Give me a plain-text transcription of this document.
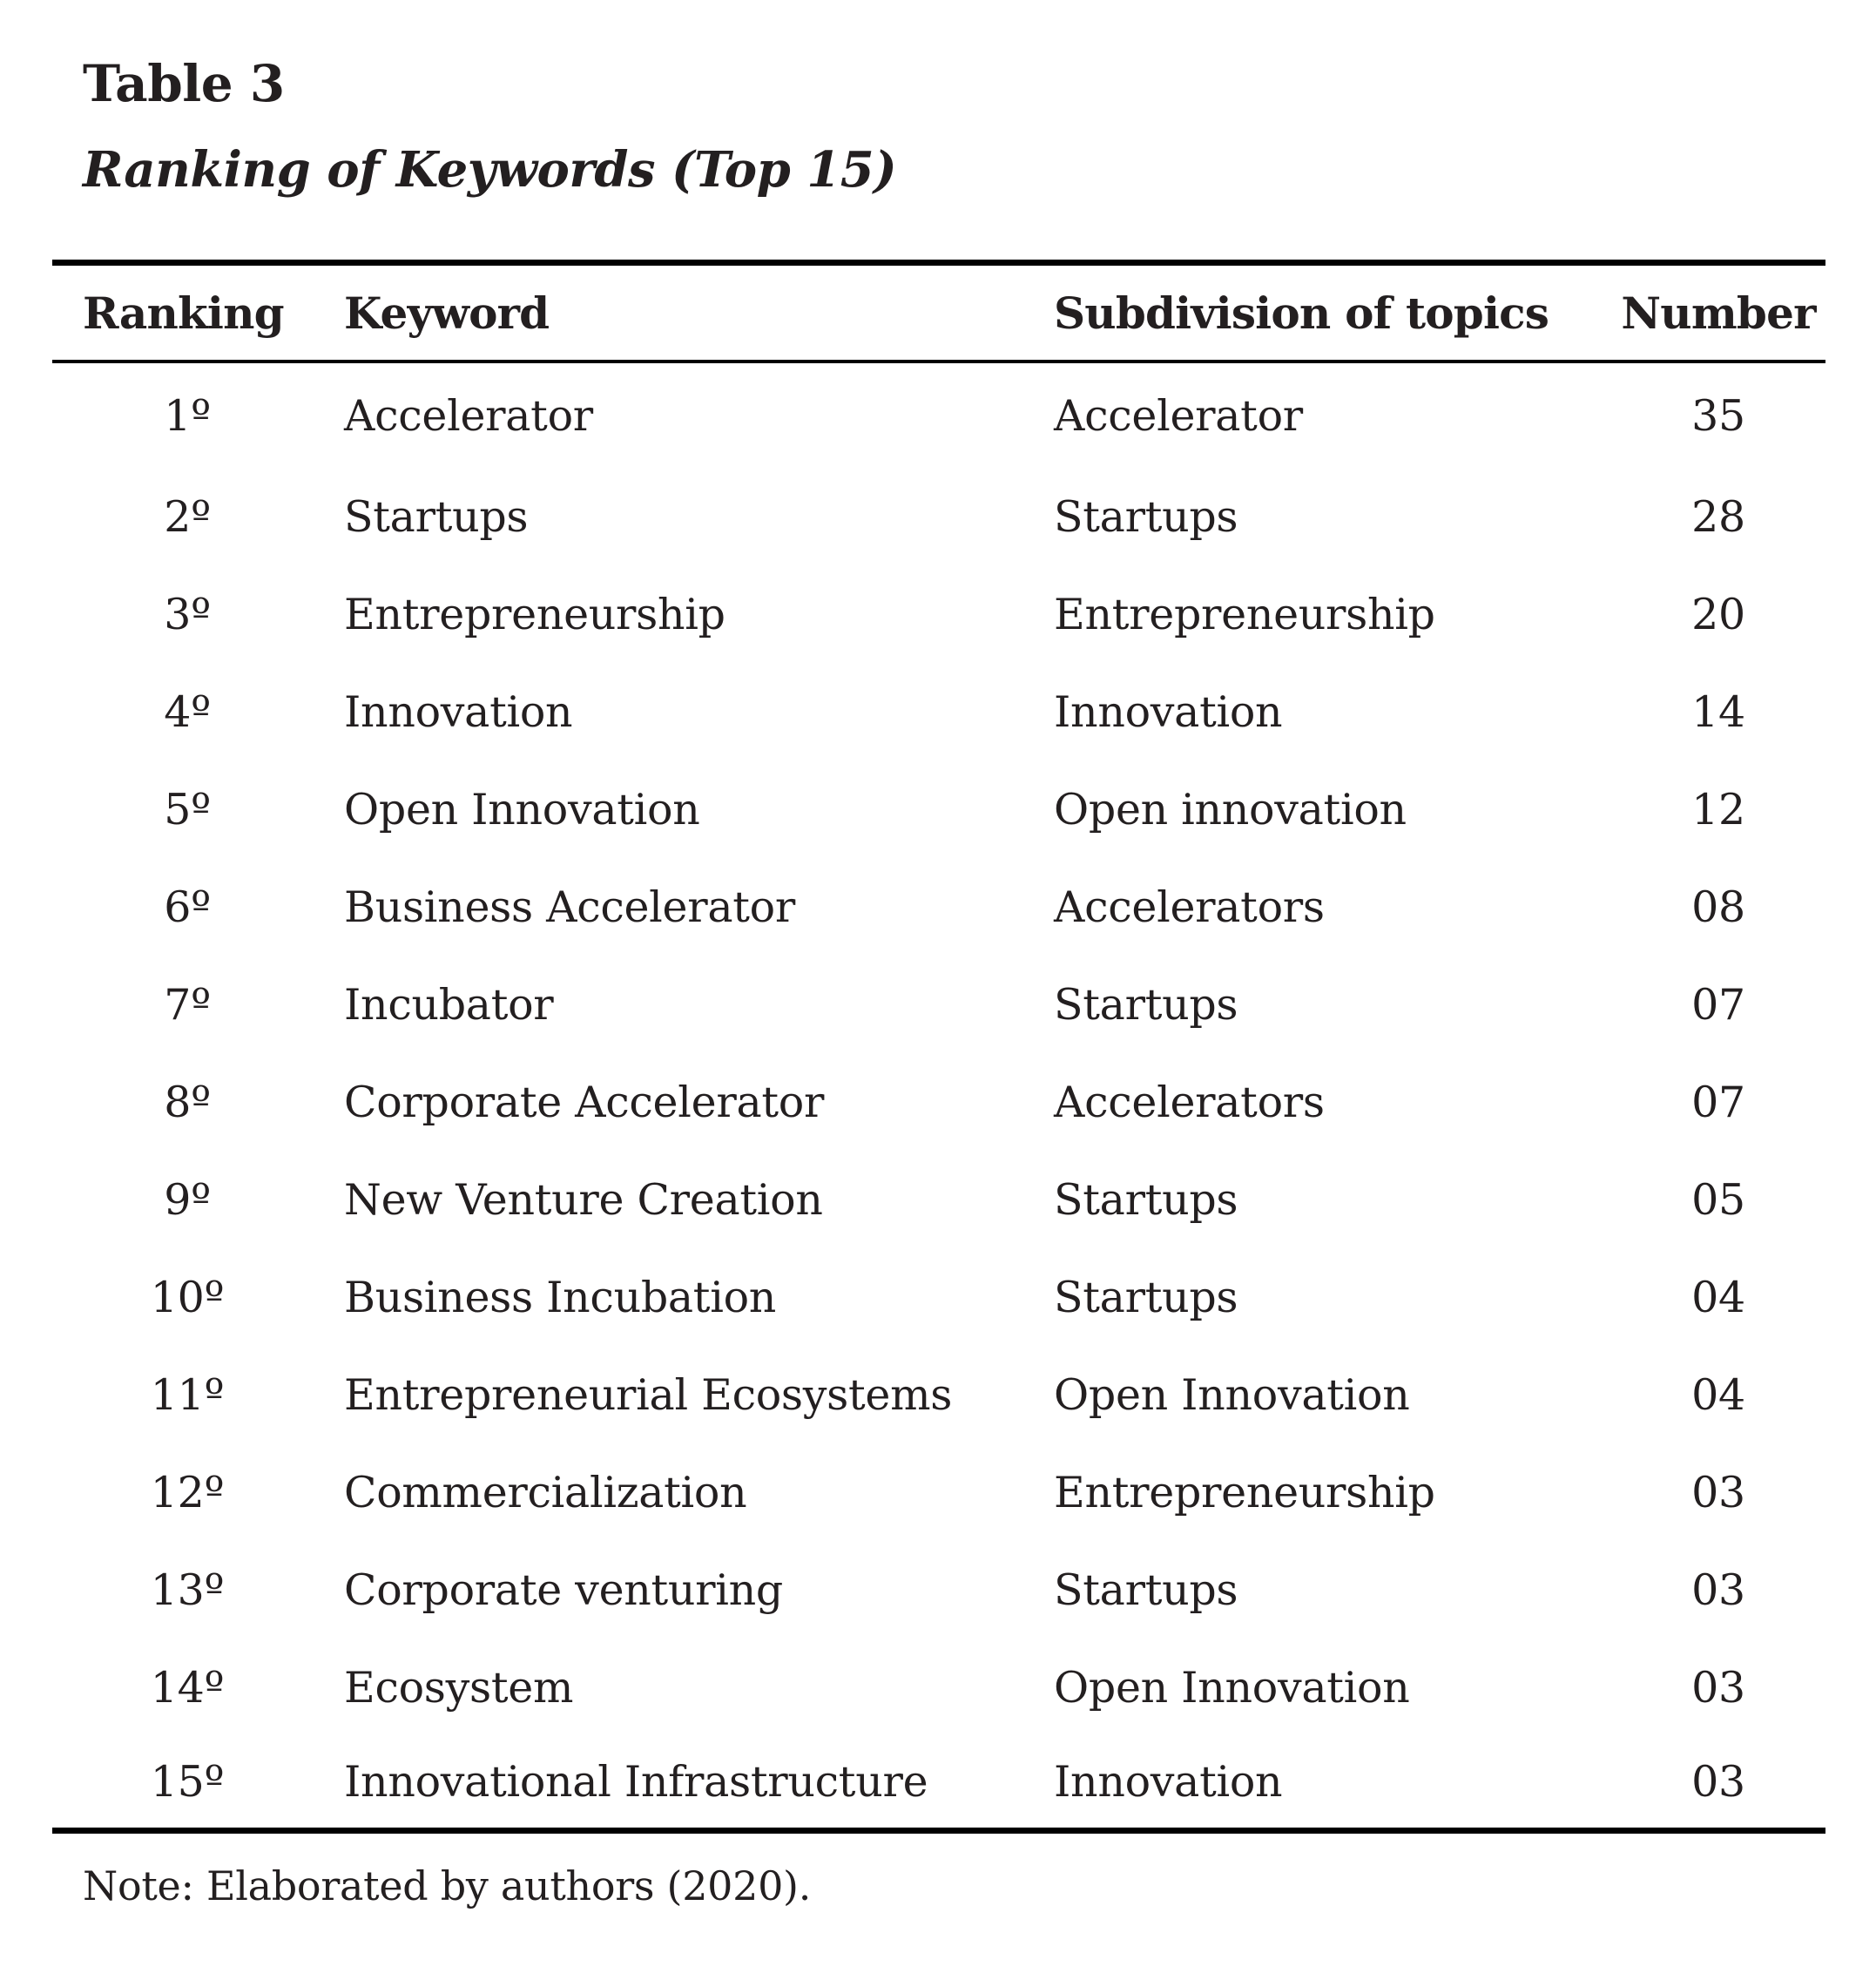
Table 3
Ranking of Keywords (Top 15)
Ranking	Keyword	Subdivision of topics	Number
1º	Accelerator	Accelerator	35
2º	Startups	Startups	28
3º	Entrepreneurship	Entrepreneurship	20
4º	Innovation	Innovation	14
5º	Open Innovation	Open innovation	12
6º	Business Accelerator	Accelerators	08
7º	Incubator	Startups	07
8º	Corporate Accelerator	Accelerators	07
9º	New Venture Creation	Startups	05
10º	Business Incubation	Startups	04
11º	Entrepreneurial Ecosystems	Open Innovation	04
12º	Commercialization	Entrepreneurship	03
13º	Corporate venturing	Startups	03
14º	Ecosystem	Open Innovation	03
15º	Innovational Infrastructure	Innovation	03

Note: Elaborated by authors (2020).
